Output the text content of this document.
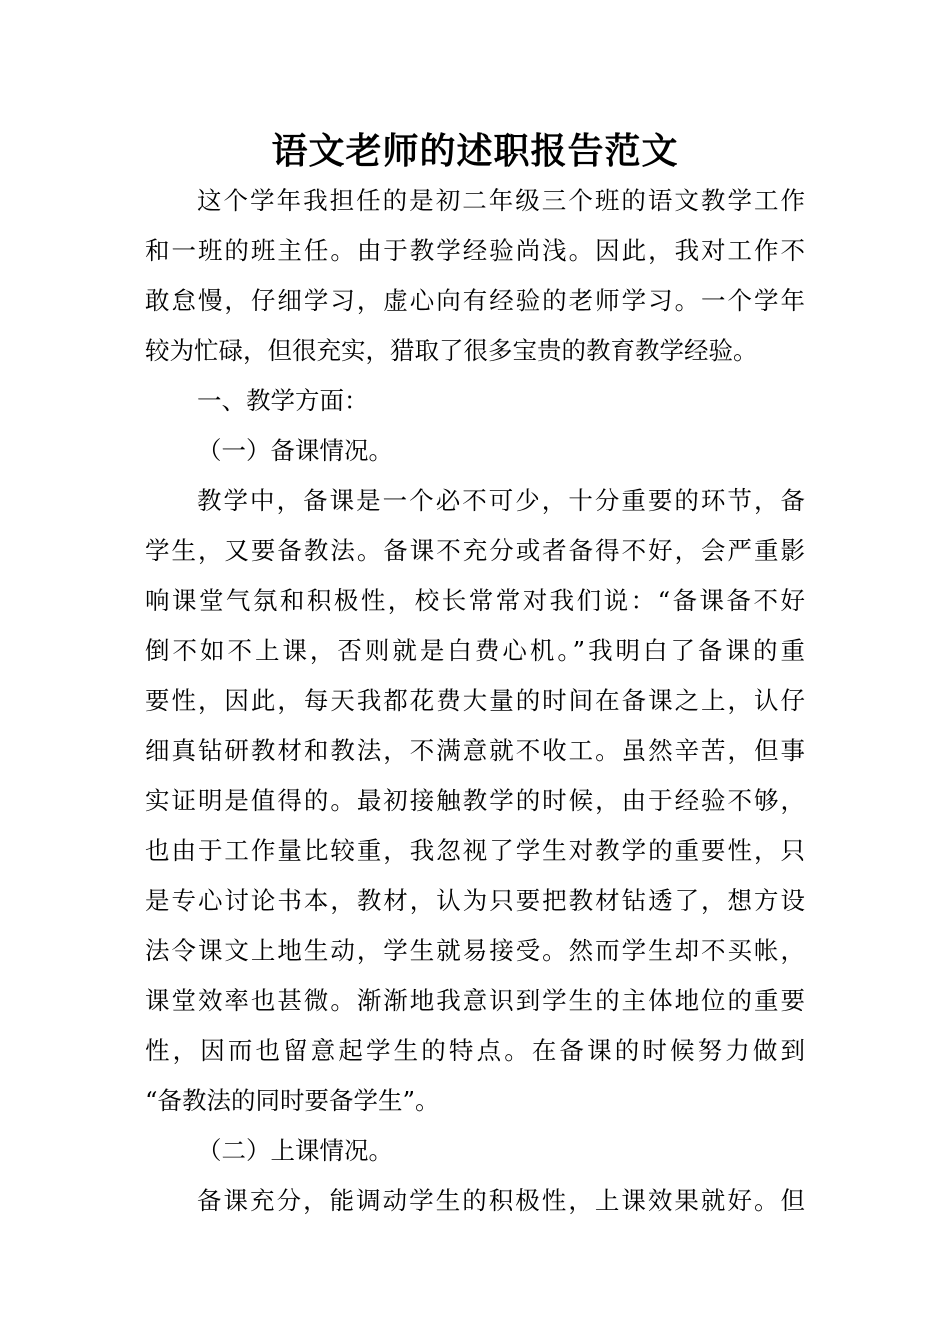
语文老师的述职报告范文
这个学年我担任的是初二年级三个班的语文教学工作
和一班的班主任。由于教学经验尚浅。因此，我对工作不
敢怠慢，仔细学习，虚心向有经验的老师学习。一个学年
较为忙碌，但很充实，猎取了很多宝贵的教育教学经验。
一、教学方面：
（一）备课情况。
教学中，备课是一个必不可少，十分重要的环节，备
学生，又要备教法。备课不充分或者备得不好，会严重影
响课堂气氛和积极性，校长常常对我们说：“备课备不好
倒不如不上课，否则就是白费心机。”我明白了备课的重
要性，因此，每天我都花费大量的时间在备课之上，认仔
细真钻研教材和教法，不满意就不收工。虽然辛苦，但事
实证明是值得的。最初接触教学的时候，由于经验不够，
也由于工作量比较重，我忽视了学生对教学的重要性，只
是专心讨论书本，教材，认为只要把教材钻透了，想方设
法令课文上地生动，学生就易接受。然而学生却不买帐，
课堂效率也甚微。渐渐地我意识到学生的主体地位的重要
性，因而也留意起学生的特点。在备课的时候努力做到
“备教法的同时要备学生”。
（二）上课情况。
备课充分，能调动学生的积极性，上课效果就好。但
